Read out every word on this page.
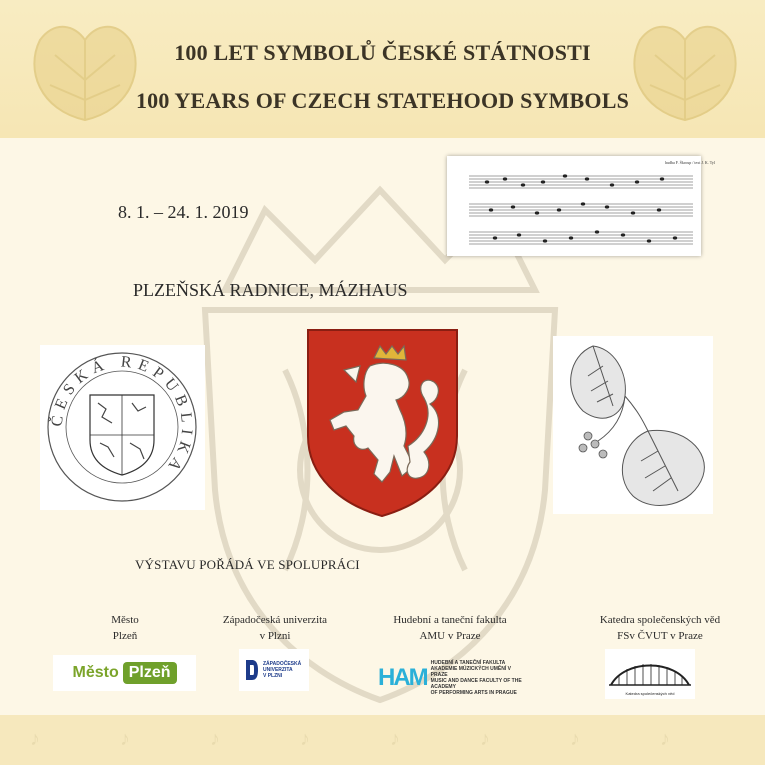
100 LET SYMBOLŮ ČESKÉ STÁTNOSTI
100 YEARS OF CZECH STATEHOOD SYMBOLS
8. 1. – 24. 1. 2019
PLZEŇSKÁ RADNICE, MÁZHAUS
hudba F. Škroup / text J. K. Tyl
ČESKÁ REPUBLIKA
VÝSTAVU POŘÁDÁ VE SPOLUPRÁCI
Město
Plzeň
Západočeská univerzita
v Plzni
Hudební a taneční fakulta
AMU v Praze
Katedra společenských věd
FSv ČVUT v Praze
Město Plzeň	ZÁPADOČESKÁ
UNIVERZITA
V PLZNI	HAM
HUDEBNÍ A TANEČNÍ FAKULTA
AKADEMIE MÚZICKÝCH UMĚNÍ V PRAZE
MUSIC AND DANCE FACULTY OF THE ACADEMY
OF PERFORMING ARTS IN PRAGUE	Katedra společenských věd
♪	♪	♪	♪	♪	♪	♪	♪
